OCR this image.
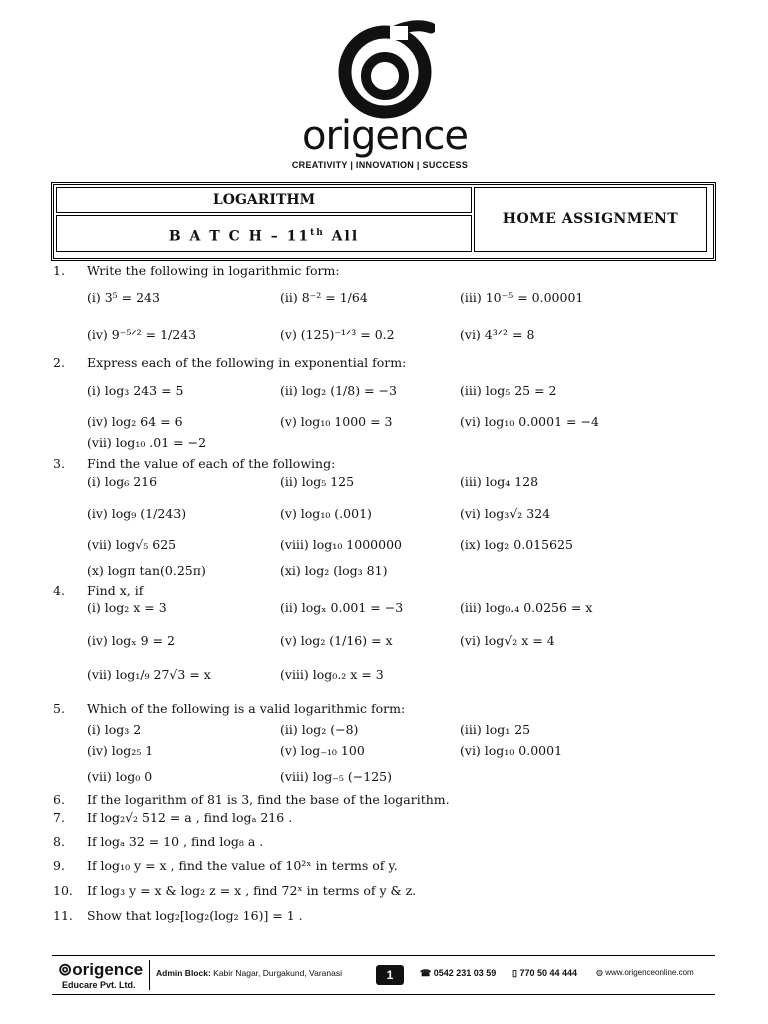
origence
CREATIVITY | INNOVATION | SUCCESS
LOGARITHM
B A T C H – 11th All
HOME ASSIGNMENT
1.	Write the following in logarithmic form:
(i) 3⁵ = 243	(ii) 8⁻² = 1/64	(iii) 10⁻⁵ = 0.00001
(iv) 9⁻⁵ᐟ² = 1/243	(v) (125)⁻¹ᐟ³ = 0.2	(vi) 4³ᐟ² = 8
2.	Express each of the following in exponential form:
(i) log₃ 243 = 5	(ii) log₂ (1/8) = −3	(iii) log₅ 25 = 2
(iv) log₂ 64 = 6	(v) log₁₀ 1000 = 3	(vi) log₁₀ 0.0001 = −4
(vii) log₁₀ .01 = −2
3.	Find the value of each of the following:
(i) log₆ 216	(ii) log₅ 125	(iii) log₄ 128
(iv) log₉ (1/243)	(v) log₁₀ (.001)	(vi) log₃√₂ 324
(vii) log√₅ 625	(viii) log₁₀ 1000000	(ix) log₂ 0.015625
(x) logπ tan(0.25π)	(xi) log₂ (log₃ 81)
4.	Find x, if
(i) log₂ x = 3	(ii) logₓ 0.001 = −3	(iii) log₀.₄ 0.0256 = x
(iv) logₓ 9 = 2	(v) log₂ (1/16) = x	(vi) log√₂ x = 4
(vii) log₁/₉ 27√3 = x	(viii) log₀.₂ x = 3
5.	Which of the following is a valid logarithmic form:
(i) log₃ 2	(ii) log₂ (−8)	(iii) log₁ 25
(iv) log₂₅ 1	(v) log₋₁₀ 100	(vi) log₁₀ 0.0001
(vii) log₀ 0	(viii) log₋₅ (−125)
6.	If the logarithm of 81 is 3, find the base of the logarithm.
7.	If log₂√₂ 512 = a , find logₐ 216 .
8.	If logₐ 32 = 10 , find log₈ a .
9.	If log₁₀ y = x , find the value of 10²ˣ in terms of y.
10. If log₃ y = x & log₂ z = x , find 72ˣ in terms of y & z.
11. Show that log₂[log₂(log₂ 16)] = 1 .
⊚origence
Educare Pvt. Ltd.
Admin Block: Kabir Nagar, Durgakund, Varanasi	1	☎ 0542 231 03 59 ▯ 770 50 44 444 ◍ www.origenceonline.com
